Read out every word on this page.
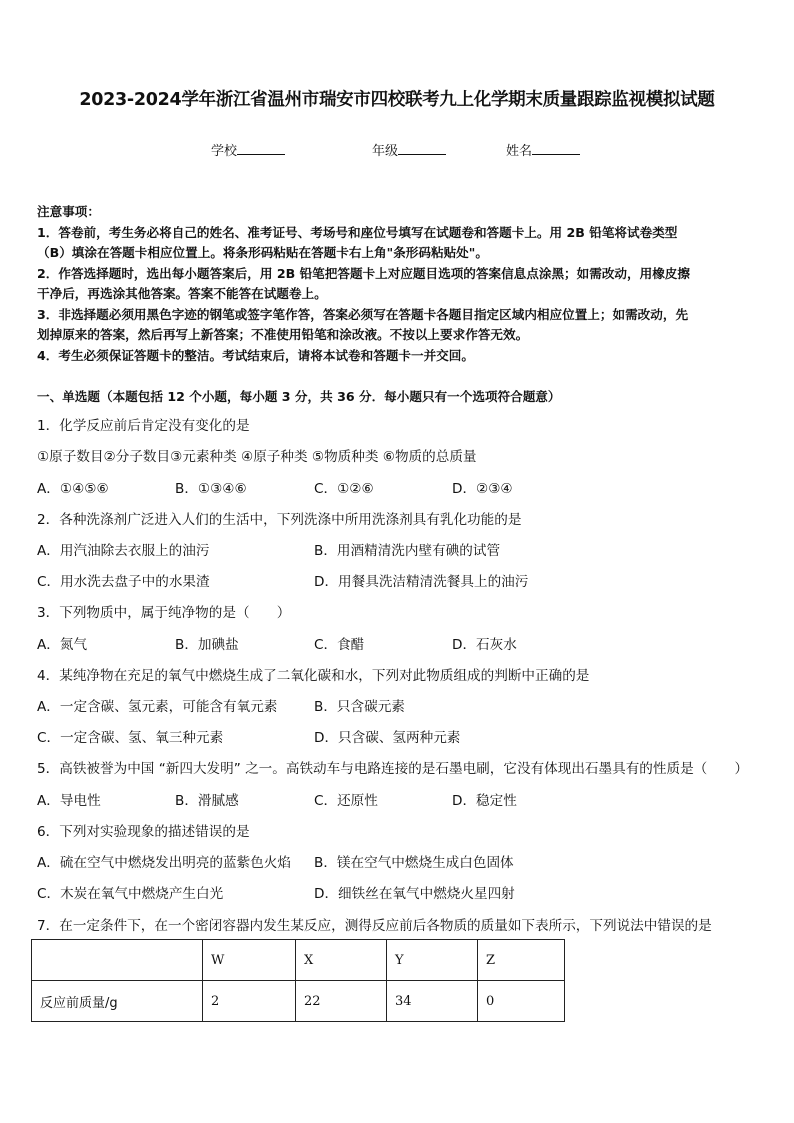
2023-2024学年浙江省温州市瑞安市四校联考九上化学期末质量跟踪监视模拟试题
学校	年级	姓名

注意事项：

1．答卷前，考生务必将自己的姓名、准考证号、考场号和座位号填写在试题卷和答题卡上。用 2B 铅笔将试卷类型

（B）填涂在答题卡相应位置上。将条形码粘贴在答题卡右上角"条形码粘贴处"。

2．作答选择题时，选出每小题答案后，用 2B 铅笔把答题卡上对应题目选项的答案信息点涂黑；如需改动，用橡皮擦

干净后，再选涂其他答案。答案不能答在试题卷上。

3．非选择题必须用黑色字迹的钢笔或签字笔作答，答案必须写在答题卡各题目指定区域内相应位置上；如需改动，先

划掉原来的答案，然后再写上新答案；不准使用铅笔和涂改液。不按以上要求作答无效。

4．考生必须保证答题卡的整洁。考试结束后，请将本试卷和答题卡一并交回。

一、单选题（本题包括 12 个小题，每小题 3 分，共 36 分．每小题只有一个选项符合题意）
1．化学反应前后肯定没有变化的是
①原子数目②分子数目③元素种类 ④原子种类 ⑤物质种类 ⑥物质的总质量
A．①④⑤⑥	B．①③④⑥	C．①②⑥	D．②③④
2．各种洗涤剂广泛进入人们的生活中，下列洗涤中所用洗涤剂具有乳化功能的是
A．用汽油除去衣服上的油污	B．用酒精清洗内壁有碘的试管
C．用水洗去盘子中的水果渣	D．用餐具洗洁精清洗餐具上的油污
3．下列物质中，属于纯净物的是（　　）
A．氮气	B．加碘盐	C．食醋	D．石灰水
4．某纯净物在充足的氧气中燃烧生成了二氧化碳和水，下列对此物质组成的判断中正确的是
A．一定含碳、氢元素，可能含有氧元素	B．只含碳元素
C．一定含碳、氢、氧三种元素	D．只含碳、氢两种元素
5．高铁被誉为中国 “新四大发明” 之一。高铁动车与电路连接的是石墨电刷，它没有体现出石墨具有的性质是（　　）
A．导电性	B．滑腻感	C．还原性	D．稳定性
6．下列对实验现象的描述错误的是
A．硫在空气中燃烧发出明亮的蓝紫色火焰 B．镁在空气中燃烧生成白色固体
C．木炭在氧气中燃烧产生白光	D．细铁丝在氧气中燃烧火星四射
7．在一定条件下，在一个密闭容器内发生某反应，测得反应前后各物质的质量如下表所示，下列说法中错误的是
	W	X	Y	Z
反应前质量/g	2	22	34	0
